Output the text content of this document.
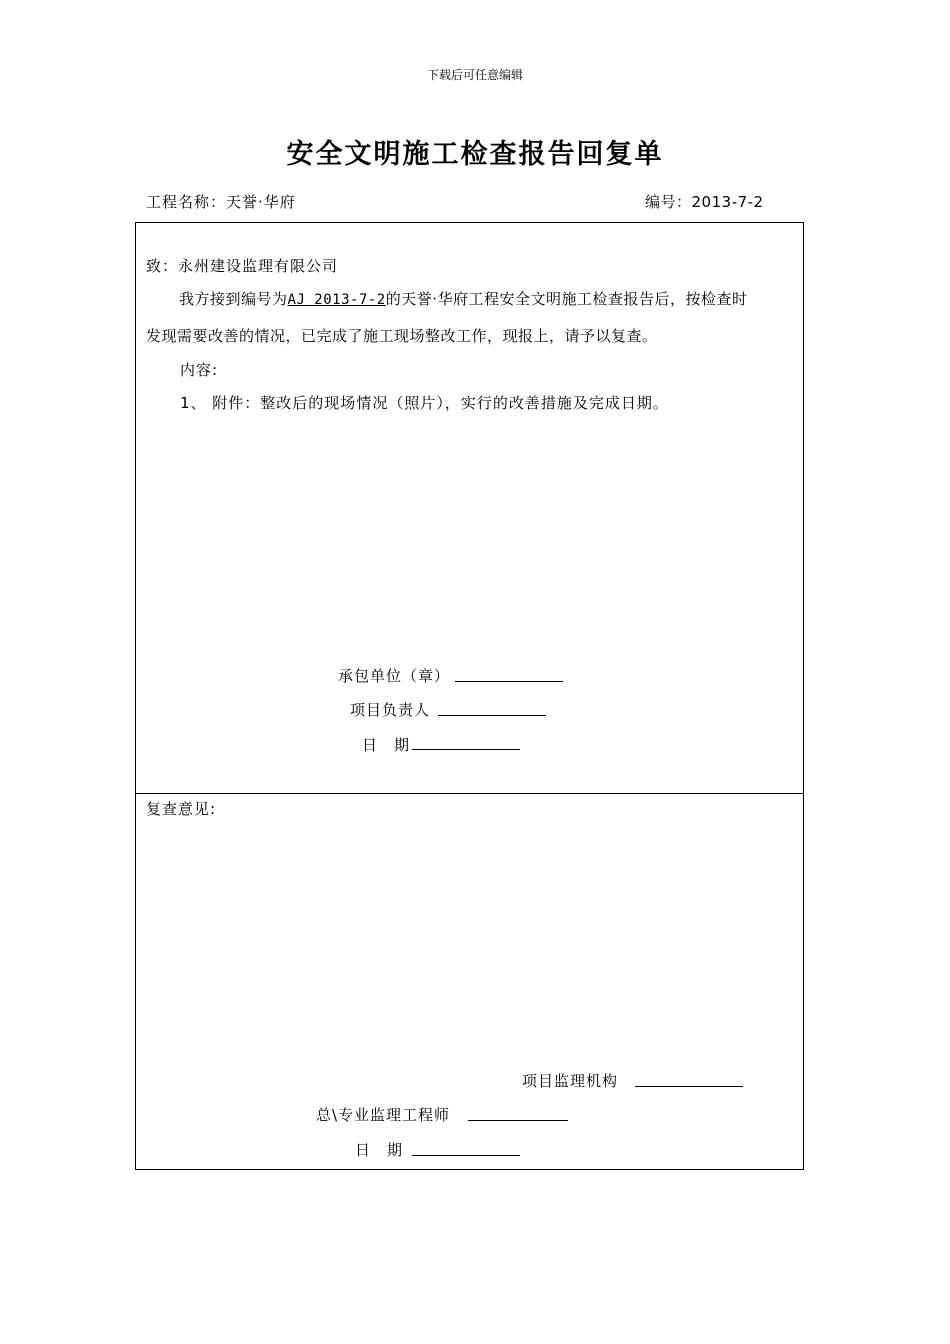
下载后可任意编辑
安全文明施工检查报告回复单
工程名称：天誉·华府	编号：2013-7-2
致：永州建设监理有限公司
我方接到编号为AJ 2013-7-2的天誉·华府工程安全文明施工检查报告后，按检查时
发现需要改善的情况，已完成了施工现场整改工作，现报上，请予以复查。
内容:
1、 附件：整改后的现场情况（照片），实行的改善措施及完成日期。
承包单位（章）
项目负责人
日　期
复查意见:
项目监理机构
总\专业监理工程师
日　期
